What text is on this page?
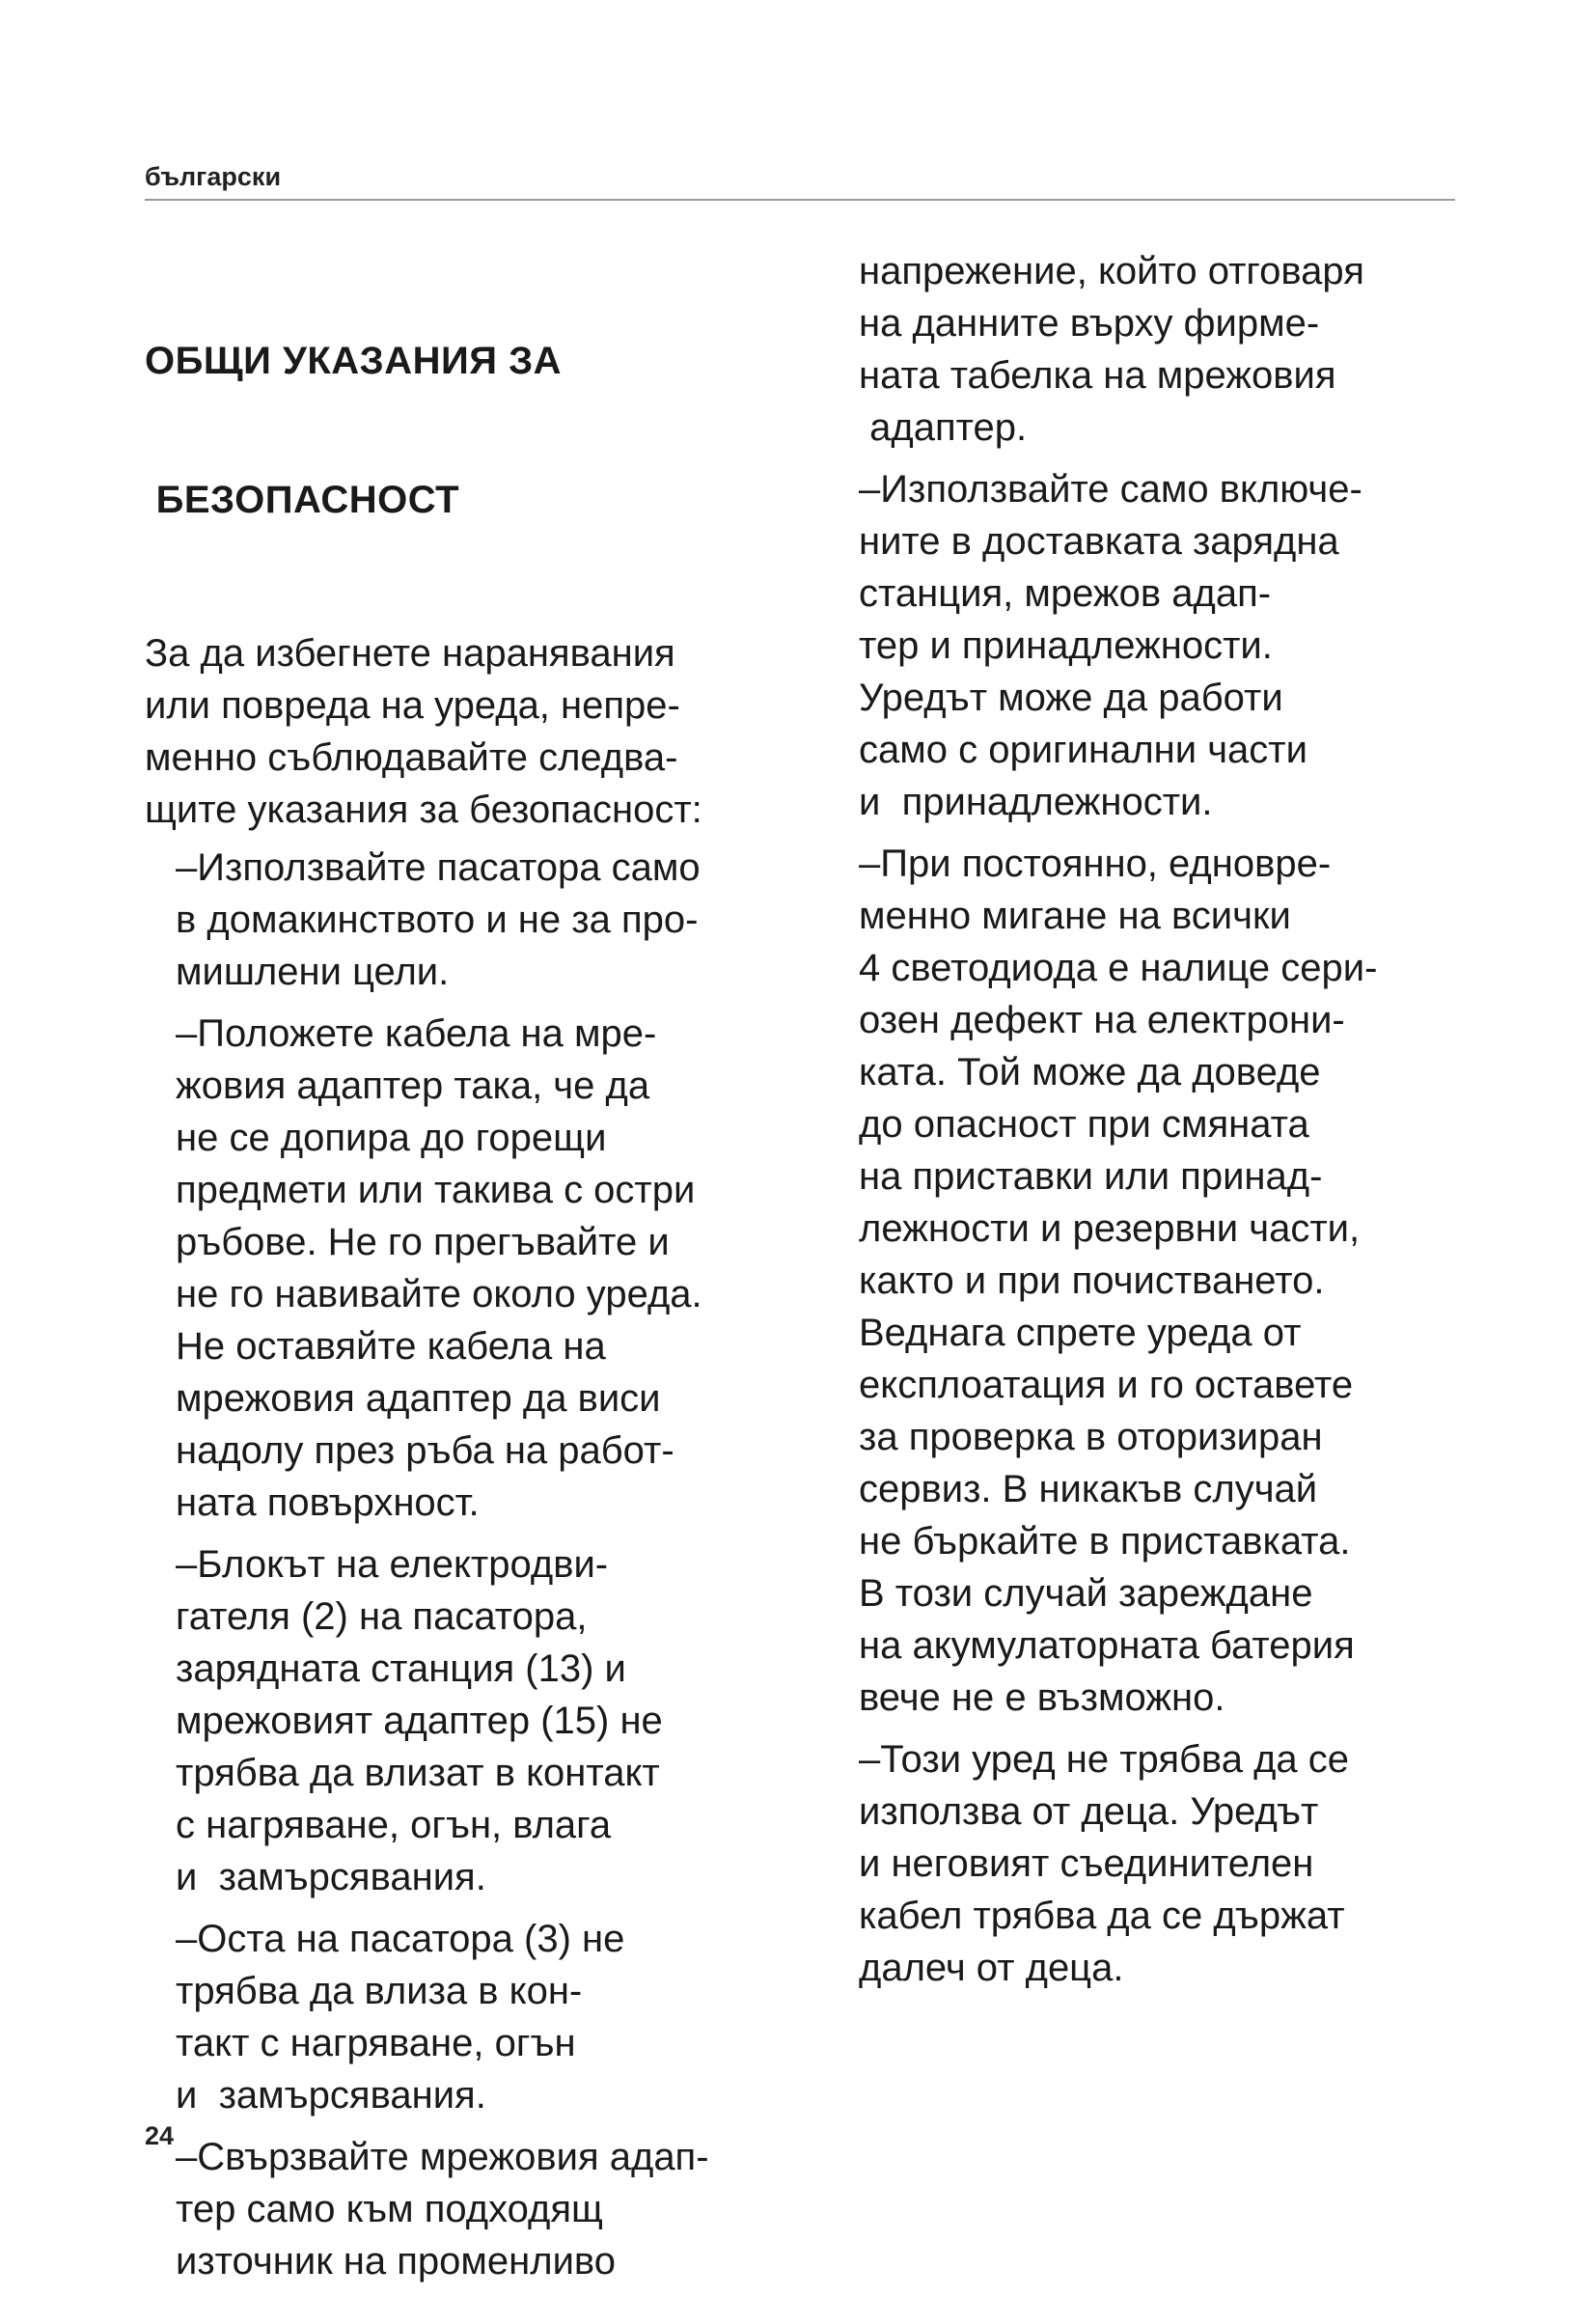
български

ОБЩИ УКАЗАНИЯ ЗА

БЕЗОПАСНОСТ

За да избегнете наранявания
или повреда на уреда, непре-
менно съблюдавайте следва-
щите указания за безопасност:
–Използвайте пасатора само
в домакинството и не за про-
мишлени цели.
–Положете кабела на мре-
жовия адаптер така, че да
не се допира до горещи
предмети или такива с остри
ръбове. Не го прегъвайте и
не го навивайте около уреда.
Не оставяйте кабела на
мрежовия адаптер да виси
надолу през ръба на работ-
ната повърхност.
–Блокът на електродви-
гателя (2) на пасатора,
зарядната станция (13) и
мрежовият адаптер (15) не
трябва да влизат в контакт
с нагряване, огън, влага
и  замърсявания.
–Оста на пасатора (3) не
трябва да влиза в кон-
такт с нагряване, огън
и  замърсявания.
–Свързвайте мрежовия адап-
тер само към подходящ
източник на променливо
напрежение, който отговаря
на данните върху фирме-
ната табелка на мрежовия
адаптер.
–Използвайте само включе-
ните в доставката зарядна
станция, мрежов адап-
тер и принадлежности.
Уредът може да работи
само с оригинални части
и  принадлежности.
–При постоянно, едновре-
менно мигане на всички
4 светодиода е налице сери-
озен дефект на електрони-
ката. Той може да доведе
до опасност при смяната
на приставки или принад-
лежности и резервни части,
както и при почистването.
Веднага спрете уреда от
експлоатация и го оставете
за проверка в оторизиран
сервиз. В никакъв случай
не бъркайте в приставката.
В този случай зареждане
на акумулаторната батерия
вече не е възможно.
–Този уред не трябва да се
използва от деца. Уредът
и неговият съединителен
кабел трябва да се държат
далеч от деца.
24
